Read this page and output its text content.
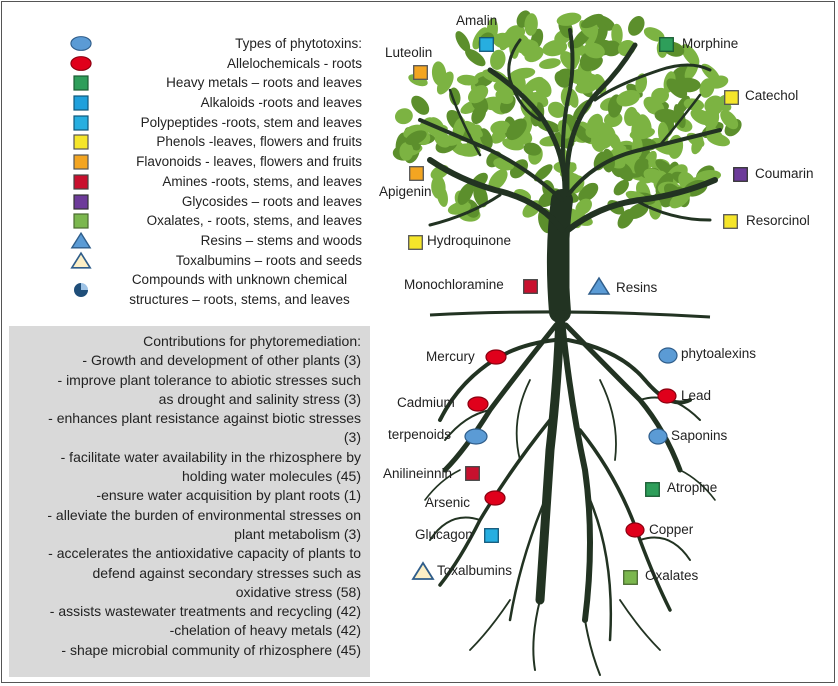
Types of phytotoxins:
Allelochemicals - roots
Heavy metals – roots and leaves
Alkaloids -roots and leaves
Polypeptides -roots, stem and leaves
Phenols -leaves, flowers and fruits
Flavonoids - leaves, flowers and fruits
Amines -roots, stems, and leaves
Glycosides – roots and leaves
Oxalates, - roots, stems, and leaves
Resins – stems and woods
Toxalbumins – roots and seeds
Compounds with unknown chemical structures – roots, stems, and leaves
Contributions for phytoremediation:
- Growth and development of other plants (3)
- improve plant tolerance to abiotic stresses such
as drought and salinity stress (3)
- enhances plant resistance against biotic stresses
(3)
- facilitate water availability in the rhizosphere by
holding water molecules (45)
-ensure water acquisition by plant roots (1)
- alleviate the burden of environmental stresses on
plant metabolism (3)
- accelerates the antioxidative capacity of plants to
defend against secondary stresses such as
oxidative stress (58)
- assists wastewater treatments and recycling (42)
-chelation of heavy metals (42)
- shape microbial community of rhizosphere (45)
Amalin
Morphine
Luteolin
Catechol
Apigenin
Coumarin
Resorcinol
Hydroquinone
Monochloramine	Resins
Mercury	phytoalexins
Lead
Cadmium
terpenoids	Saponins
Anilineinnin
Atropine
Arsenic
Copper
Glucagon
Toxalbumins	Oxalates
